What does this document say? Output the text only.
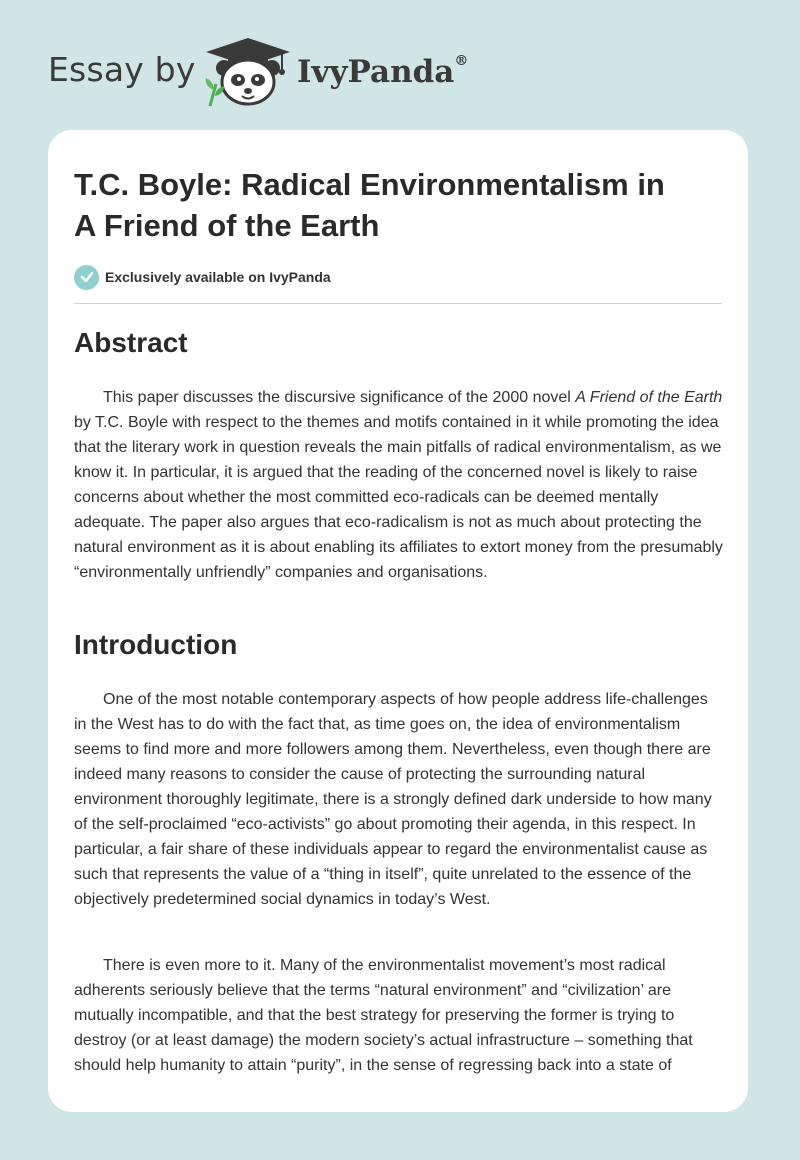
Essay by	IvyPanda®
T.C. Boyle: Radical Environmentalism in
A Friend of the Earth
Exclusively available on IvyPanda
Abstract

This paper discusses the discursive significance of the 2000 novel A Friend of the Earth by T.C. Boyle with respect to the themes and motifs contained in it while promoting the idea that the literary work in question reveals the main pitfalls of radical environmentalism, as we know it. In particular, it is argued that the reading of the concerned novel is likely to raise concerns about whether the most committed eco-radicals can be deemed mentally adequate. The paper also argues that eco-radicalism is not as much about protecting the natural environment as it is about enabling its affiliates to extort money from the presumably “environmentally unfriendly” companies and organisations.

Introduction

One of the most notable contemporary aspects of how people address life-challenges in the West has to do with the fact that, as time goes on, the idea of environmentalism seems to find more and more followers among them. Nevertheless, even though there are indeed many reasons to consider the cause of protecting the surrounding natural environment thoroughly legitimate, there is a strongly defined dark underside to how many of the self-proclaimed “eco-activists” go about promoting their agenda, in this respect. In particular, a fair share of these individuals appear to regard the environmentalist cause as such that represents the value of a “thing in itself”, quite unrelated to the essence of the objectively predetermined social dynamics in today’s West.

There is even more to it. Many of the environmentalist movement’s most radical adherents seriously believe that the terms “natural environment” and “civilization’ are mutually incompatible, and that the best strategy for preserving the former is trying to destroy (or at least damage) the modern society’s actual infrastructure – something that should help humanity to attain “purity”, in the sense of regressing back into a state of
